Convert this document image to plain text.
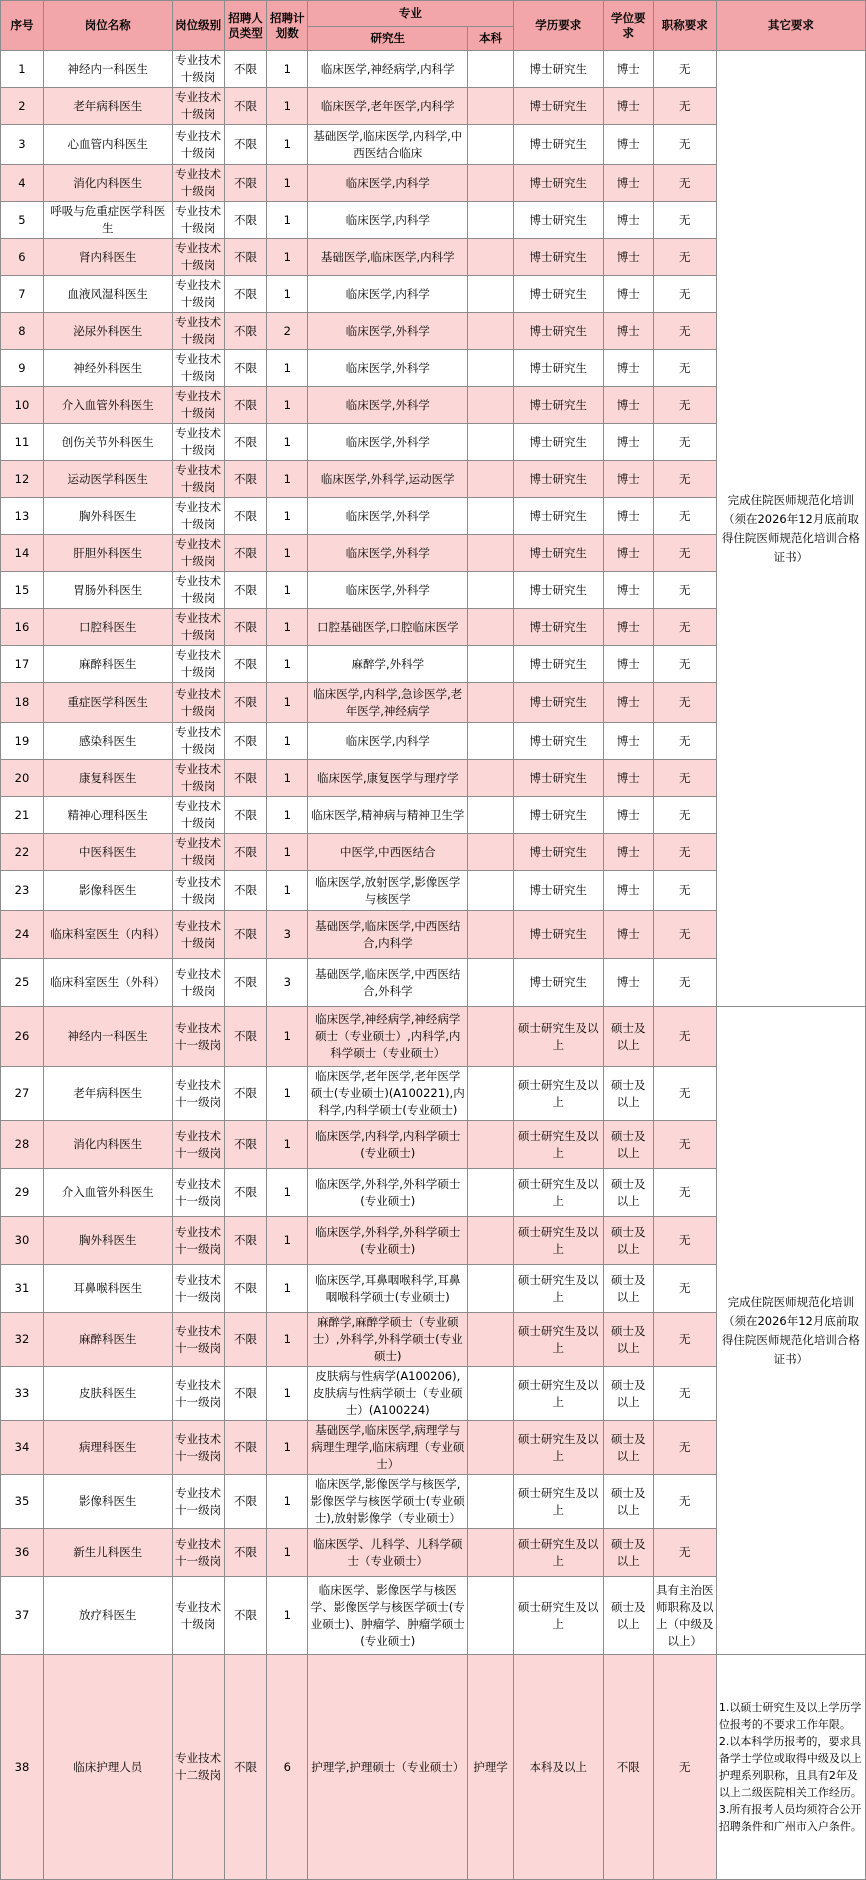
序号	岗位名称	岗位级别	招聘人员类型	招聘计划数	专业		学历要求	学位要求	职称要求	其它要求
					研究生	本科				
1	神经内一科医生	专业技术十级岗	不限	1	临床医学,神经病学,内科学		博士研究生	博士	无	完成住院医师规范化培训（须在2026年12月底前取得住院医师规范化培训合格证书）
2	老年病科医生	专业技术十级岗	不限	1	临床医学,老年医学,内科学		博士研究生	博士	无	
3	心血管内科医生	专业技术十级岗	不限	1	基础医学,临床医学,内科学,中西医结合临床		博士研究生	博士	无	
4	消化内科医生	专业技术十级岗	不限	1	临床医学,内科学		博士研究生	博士	无	
5	呼吸与危重症医学科医生	专业技术十级岗	不限	1	临床医学,内科学		博士研究生	博士	无	
6	肾内科医生	专业技术十级岗	不限	1	基础医学,临床医学,内科学		博士研究生	博士	无	
7	血液风湿科医生	专业技术十级岗	不限	1	临床医学,内科学		博士研究生	博士	无	
8	泌尿外科医生	专业技术十级岗	不限	2	临床医学,外科学		博士研究生	博士	无	
9	神经外科医生	专业技术十级岗	不限	1	临床医学,外科学		博士研究生	博士	无	
10	介入血管外科医生	专业技术十级岗	不限	1	临床医学,外科学		博士研究生	博士	无	
11	创伤关节外科医生	专业技术十级岗	不限	1	临床医学,外科学		博士研究生	博士	无	
12	运动医学科医生	专业技术十级岗	不限	1	临床医学,外科学,运动医学		博士研究生	博士	无	
13	胸外科医生	专业技术十级岗	不限	1	临床医学,外科学		博士研究生	博士	无	
14	肝胆外科医生	专业技术十级岗	不限	1	临床医学,外科学		博士研究生	博士	无	
15	胃肠外科医生	专业技术十级岗	不限	1	临床医学,外科学		博士研究生	博士	无	
16	口腔科医生	专业技术十级岗	不限	1	口腔基础医学,口腔临床医学		博士研究生	博士	无	
17	麻醉科医生	专业技术十级岗	不限	1	麻醉学,外科学		博士研究生	博士	无	
18	重症医学科医生	专业技术十级岗	不限	1	临床医学,内科学,急诊医学,老年医学,神经病学		博士研究生	博士	无	
19	感染科医生	专业技术十级岗	不限	1	临床医学,内科学		博士研究生	博士	无	
20	康复科医生	专业技术十级岗	不限	1	临床医学,康复医学与理疗学		博士研究生	博士	无	
21	精神心理科医生	专业技术十级岗	不限	1	临床医学,精神病与精神卫生学		博士研究生	博士	无	
22	中医科医生	专业技术十级岗	不限	1	中医学,中西医结合		博士研究生	博士	无	
23	影像科医生	专业技术十级岗	不限	1	临床医学,放射医学,影像医学与核医学		博士研究生	博士	无	
24	临床科室医生（内科）	专业技术十级岗	不限	3	基础医学,临床医学,中西医结合,内科学		博士研究生	博士	无	
25	临床科室医生（外科）	专业技术十级岗	不限	3	基础医学,临床医学,中西医结合,外科学		博士研究生	博士	无	
26	神经内一科医生	专业技术十一级岗	不限	1	临床医学,神经病学,神经病学硕士（专业硕士）,内科学,内科学硕士（专业硕士）		硕士研究生及以上	硕士及以上	无	完成住院医师规范化培训（须在2026年12月底前取得住院医师规范化培训合格证书）
27	老年病科医生	专业技术十一级岗	不限	1	临床医学,老年医学,老年医学硕士(专业硕士)(A100221),内科学,内科学硕士(专业硕士)		硕士研究生及以上	硕士及以上	无	
28	消化内科医生	专业技术十一级岗	不限	1	临床医学,内科学,内科学硕士(专业硕士)		硕士研究生及以上	硕士及以上	无	
29	介入血管外科医生	专业技术十一级岗	不限	1	临床医学,外科学,外科学硕士(专业硕士)		硕士研究生及以上	硕士及以上	无	
30	胸外科医生	专业技术十一级岗	不限	1	临床医学,外科学,外科学硕士(专业硕士)		硕士研究生及以上	硕士及以上	无	
31	耳鼻喉科医生	专业技术十一级岗	不限	1	临床医学,耳鼻咽喉科学,耳鼻咽喉科学硕士(专业硕士)		硕士研究生及以上	硕士及以上	无	
32	麻醉科医生	专业技术十一级岗	不限	1	麻醉学,麻醉学硕士（专业硕士）,外科学,外科学硕士(专业硕士)		硕士研究生及以上	硕士及以上	无	
33	皮肤科医生	专业技术十一级岗	不限	1	皮肤病与性病学(A100206),皮肤病与性病学硕士（专业硕士）(A100224)		硕士研究生及以上	硕士及以上	无	
34	病理科医生	专业技术十一级岗	不限	1	基础医学,临床医学,病理学与病理生理学,临床病理（专业硕士）		硕士研究生及以上	硕士及以上	无	
35	影像科医生	专业技术十一级岗	不限	1	临床医学,影像医学与核医学,影像医学与核医学硕士(专业硕士),放射影像学（专业硕士）		硕士研究生及以上	硕士及以上	无	
36	新生儿科医生	专业技术十一级岗	不限	1	临床医学、儿科学、儿科学硕士（专业硕士）		硕士研究生及以上	硕士及以上	无	
37	放疗科医生	专业技术十级岗	不限	1	临床医学、影像医学与核医学、影像医学与核医学硕士(专业硕士)、肿瘤学、肿瘤学硕士(专业硕士)		硕士研究生及以上	硕士及以上	具有主治医师职称及以上（中级及以上）	
38	临床护理人员	专业技术十二级岗	不限	6	护理学,护理硕士（专业硕士）	护理学	本科及以上	不限	无	1.以硕士研究生及以上学历学位报考的不要求工作年限。 2.以本科学历报考的，要求具备学士学位或取得中级及以上护理系列职称，且具有2年及以上二级医院相关工作经历。 3.所有报考人员均须符合公开招聘条件和广州市入户条件。
